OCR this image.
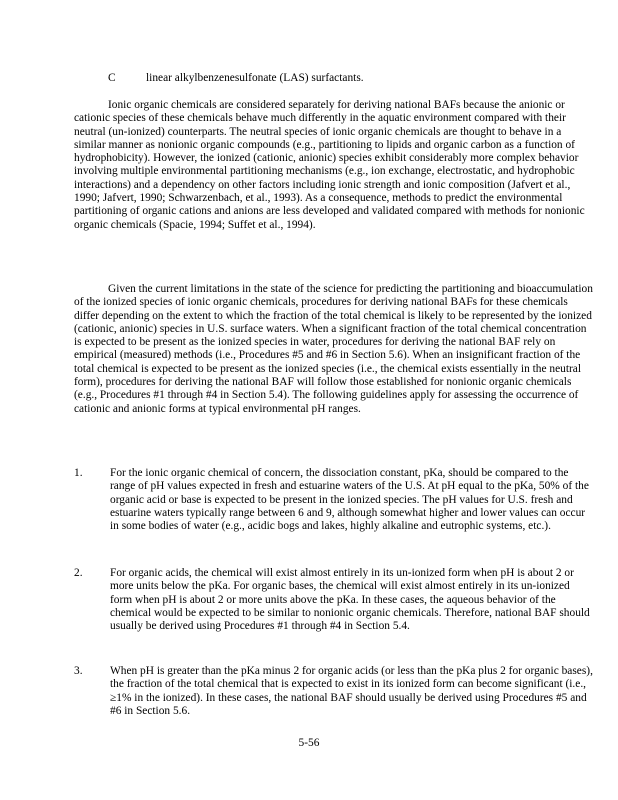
C	linear alkylbenzenesulfonate (LAS) surfactants.

Ionic organic chemicals are considered separately for deriving national BAFs because the anionic or cationic species of these chemicals behave much differently in the aquatic environment compared with their neutral (un-ionized) counterparts. The neutral species of ionic organic chemicals are thought to behave in a similar manner as nonionic organic compounds (e.g., partitioning to lipids and organic carbon as a function of hydrophobicity). However, the ionized (cationic, anionic) species exhibit considerably more complex behavior involving multiple environmental partitioning mechanisms (e.g., ion exchange, electrostatic, and hydrophobic interactions) and a dependency on other factors including ionic strength and ionic composition (Jafvert et al., 1990; Jafvert, 1990; Schwarzenbach, et al., 1993). As a consequence, methods to predict the environmental partitioning of organic cations and anions are less developed and validated compared with methods for nonionic organic chemicals (Spacie, 1994; Suffet et al., 1994).

Given the current limitations in the state of the science for predicting the partitioning and bioaccumulation of the ionized species of ionic organic chemicals, procedures for deriving national BAFs for these chemicals differ depending on the extent to which the fraction of the total chemical is likely to be represented by the ionized (cationic, anionic) species in U.S. surface waters. When a significant fraction of the total chemical concentration is expected to be present as the ionized species in water, procedures for deriving the national BAF rely on empirical (measured) methods (i.e., Procedures #5 and #6 in Section 5.6). When an insignificant fraction of the total chemical is expected to be present as the ionized species (i.e., the chemical exists essentially in the neutral form), procedures for deriving the national BAF will follow those established for nonionic organic chemicals (e.g., Procedures #1 through #4 in Section 5.4). The following guidelines apply for assessing the occurrence of cationic and anionic forms at typical environmental pH ranges.

1.	For the ionic organic chemical of concern, the dissociation constant, pKa, should be compared to the range of pH values expected in fresh and estuarine waters of the U.S. At pH equal to the pKa, 50% of the organic acid or base is expected to be present in the ionized species. The pH values for U.S. fresh and estuarine waters typically range between 6 and 9, although somewhat higher and lower values can occur in some bodies of water (e.g., acidic bogs and lakes, highly alkaline and eutrophic systems, etc.).

2.	For organic acids, the chemical will exist almost entirely in its un-ionized form when pH is about 2 or more units below the pKa. For organic bases, the chemical will exist almost entirely in its un-ionized form when pH is about 2 or more units above the pKa. In these cases, the aqueous behavior of the chemical would be expected to be similar to nonionic organic chemicals. Therefore, national BAF should usually be derived using Procedures #1 through #4 in Section 5.4.

3.	When pH is greater than the pKa minus 2 for organic acids (or less than the pKa plus 2 for organic bases), the fraction of the total chemical that is expected to exist in its ionized form can become significant (i.e., ≥1% in the ionized). In these cases, the national BAF should usually be derived using Procedures #5 and #6 in Section 5.6.

5-56
